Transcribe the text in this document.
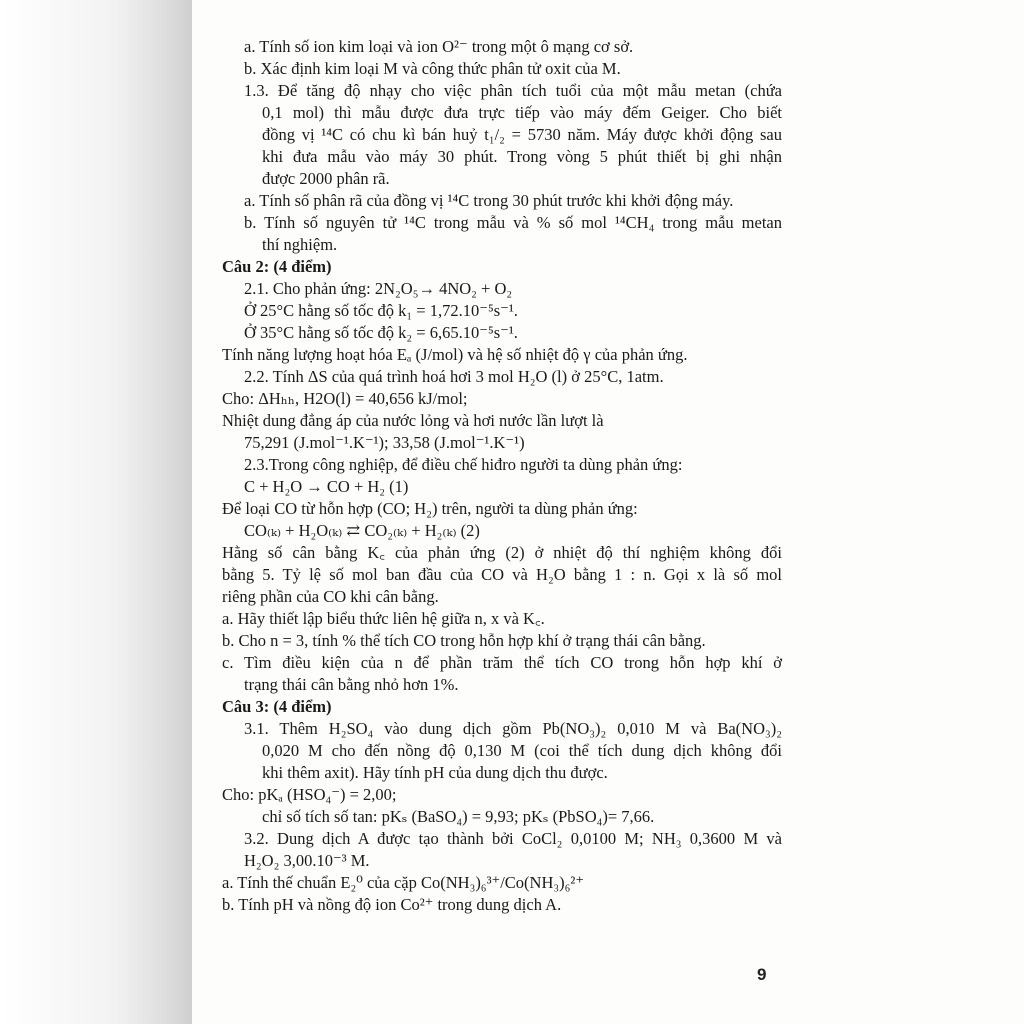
a. Tính số ion kim loại và ion O²⁻ trong một ô mạng cơ sở.
b. Xác định kim loại M và công thức phân tử oxit của M.
1.3. Để tăng độ nhạy cho việc phân tích tuổi của một mẫu metan (chứa
0,1 mol) thì mẫu được đưa trực tiếp vào máy đếm Geiger. Cho biết
đồng vị ¹⁴C có chu kì bán huỷ t₁/₂ = 5730 năm. Máy được khởi động sau
khi đưa mẫu vào máy 30 phút. Trong vòng 5 phút thiết bị ghi nhận
được 2000 phân rã.
a. Tính số phân rã của đồng vị ¹⁴C trong 30 phút trước khi khởi động máy.
b. Tính số nguyên tử ¹⁴C trong mẫu và % số mol ¹⁴CH₄ trong mẫu metan
thí nghiệm.
Câu 2: (4 điểm)
2.1. Cho phản ứng: 2N₂O₅→ 4NO₂ + O₂
Ở 25°C hằng số tốc độ k₁ = 1,72.10⁻⁵s⁻¹.
Ở 35°C hằng số tốc độ k₂ = 6,65.10⁻⁵s⁻¹.
Tính năng lượng hoạt hóa Eₐ (J/mol) và hệ số nhiệt độ γ của phản ứng.
2.2. Tính ΔS của quá trình hoá hơi 3 mol H₂O (l) ở 25°C, 1atm.
Cho: ΔHₕₕ, H2O(l) = 40,656 kJ/mol;
Nhiệt dung đẳng áp của nước lỏng và hơi nước lần lượt là
75,291 (J.mol⁻¹.K⁻¹); 33,58 (J.mol⁻¹.K⁻¹)
2.3.Trong công nghiệp, để điều chế hiđro người ta dùng phản ứng:
C + H₂O → CO + H₂ (1)
Để loại CO từ hỗn hợp (CO; H₂) trên, người ta dùng phản ứng:
CO₍ₖ₎ + H₂O₍ₖ₎ ⇄ CO₂₍ₖ₎ + H₂₍ₖ₎ (2)
Hằng số cân bằng K꜀ của phản ứng (2) ở nhiệt độ thí nghiệm không đổi
bằng 5. Tỷ lệ số mol ban đầu của CO và H₂O bằng 1 : n. Gọi x là số mol
riêng phần của CO khi cân bằng.
a. Hãy thiết lập biểu thức liên hệ giữa n, x và K꜀.
b. Cho n = 3, tính % thể tích CO trong hỗn hợp khí ở trạng thái cân bằng.
c. Tìm điều kiện của n để phần trăm thể tích CO trong hỗn hợp khí ở
trạng thái cân bằng nhỏ hơn 1%.
Câu 3: (4 điểm)
3.1. Thêm H₂SO₄ vào dung dịch gồm Pb(NO₃)₂ 0,010 M và Ba(NO₃)₂
0,020 M cho đến nồng độ 0,130 M (coi thể tích dung dịch không đổi
khi thêm axit). Hãy tính pH của dung dịch thu được.
Cho: pKₐ (HSO₄⁻) = 2,00;
chỉ số tích số tan: pKₛ (BaSO₄) = 9,93; pKₛ (PbSO₄)= 7,66.
3.2. Dung dịch A được tạo thành bởi CoCl₂ 0,0100 M; NH₃ 0,3600 M và
H₂O₂ 3,00.10⁻³ M.
a. Tính thế chuẩn E₂⁰ của cặp Co(NH₃)₆³⁺/Co(NH₃)₆²⁺
b. Tính pH và nồng độ ion Co²⁺ trong dung dịch A.
9
